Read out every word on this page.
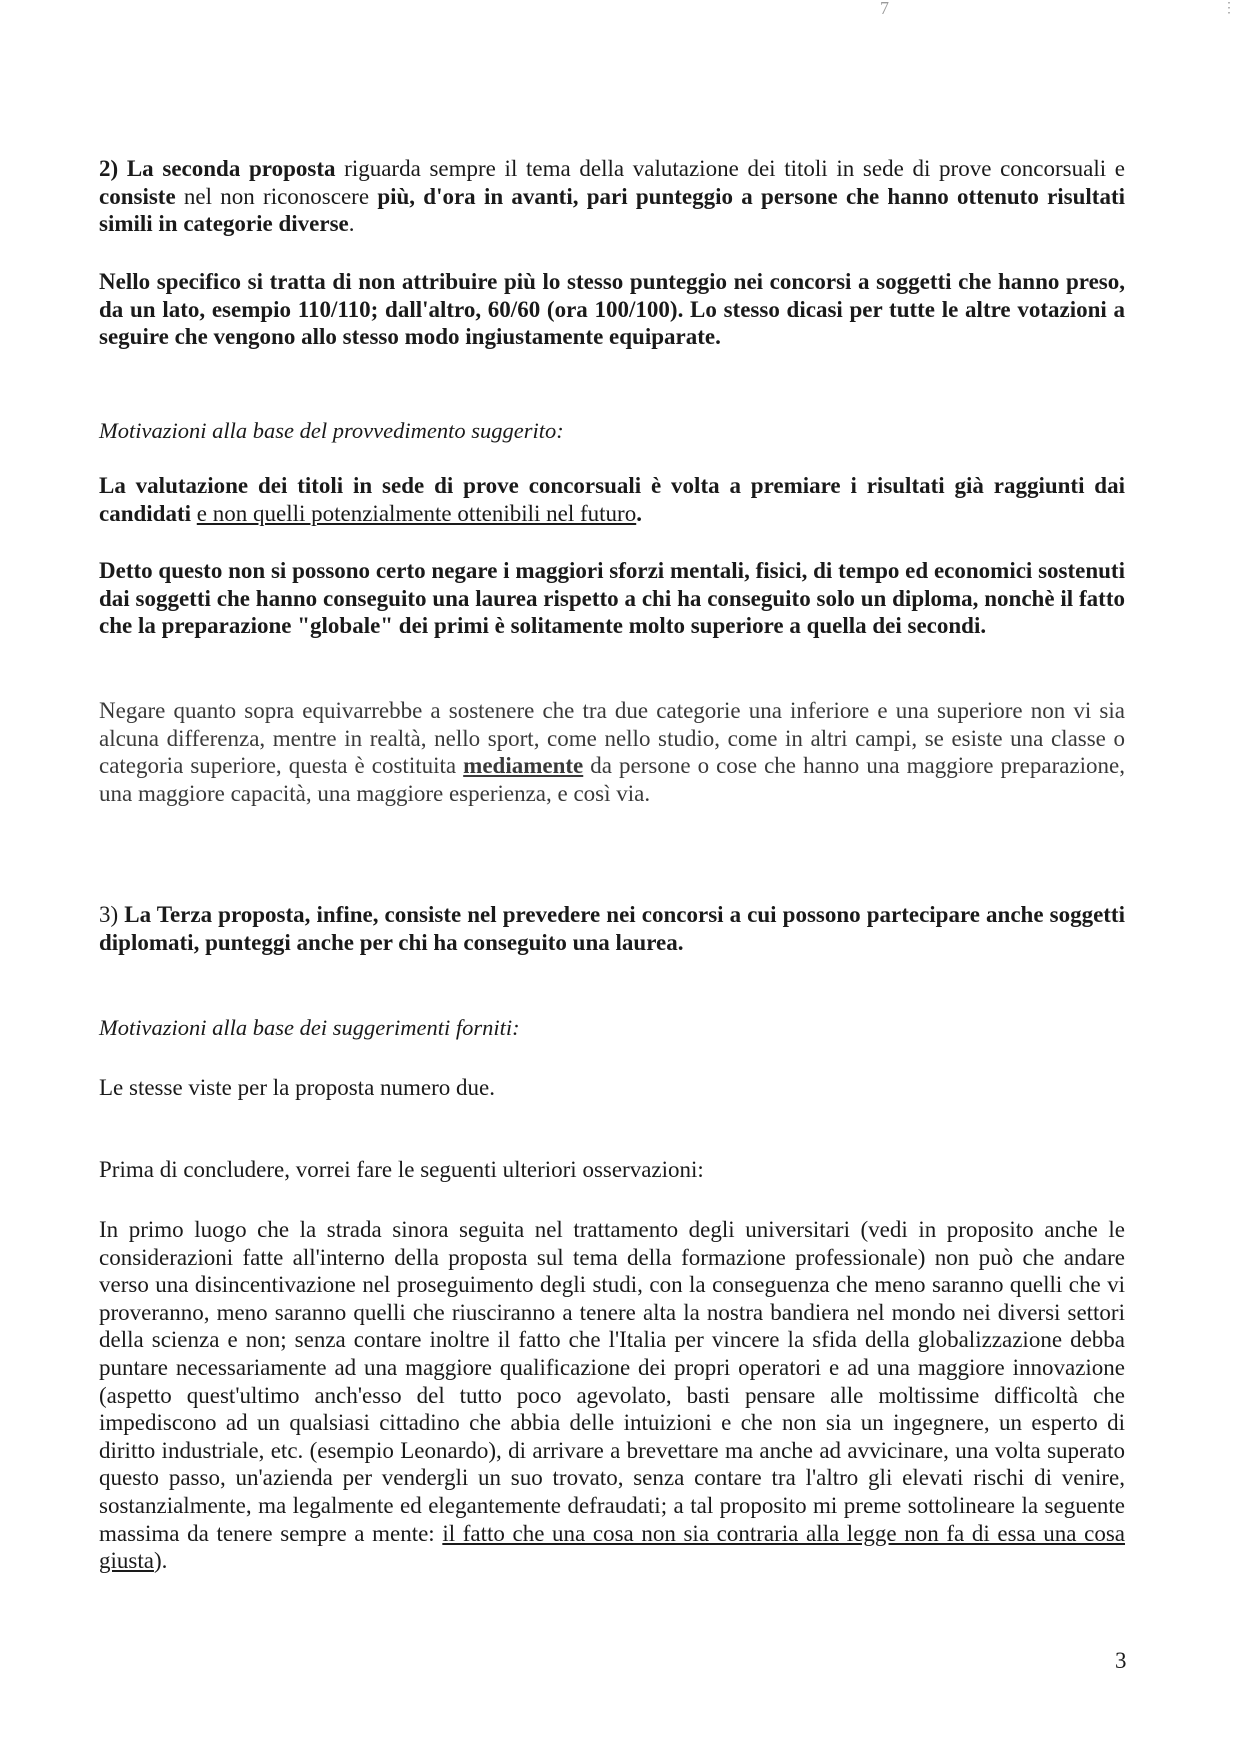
7	⋮

2) La seconda proposta riguarda sempre il tema della valutazione dei titoli in sede di prove concorsuali e consiste nel non riconoscere più, d'ora in avanti, pari punteggio a persone che hanno ottenuto risultati simili in categorie diverse.

Nello specifico si tratta di non attribuire più lo stesso punteggio nei concorsi a soggetti che hanno preso, da un lato, esempio 110/110; dall'altro, 60/60 (ora 100/100). Lo stesso dicasi per tutte le altre votazioni a seguire che vengono allo stesso modo ingiustamente equiparate.

Motivazioni alla base del provvedimento suggerito:

La valutazione dei titoli in sede di prove concorsuali è volta a premiare i risultati già raggiunti dai candidati e non quelli potenzialmente ottenibili nel futuro.

Detto questo non si possono certo negare i maggiori sforzi mentali, fisici, di tempo ed economici sostenuti dai soggetti che hanno conseguito una laurea rispetto a chi ha conseguito solo un diploma, nonchè il fatto che la preparazione "globale" dei primi è solitamente molto superiore a quella dei secondi.

Negare quanto sopra equivarrebbe a sostenere che tra due categorie una inferiore e una superiore non vi sia alcuna differenza, mentre in realtà, nello sport, come nello studio, come in altri campi, se esiste una classe o categoria superiore, questa è costituita mediamente da persone o cose che hanno una maggiore preparazione, una maggiore capacità, una maggiore esperienza, e così via.

3) La Terza proposta, infine, consiste nel prevedere nei concorsi a cui possono partecipare anche soggetti diplomati, punteggi anche per chi ha conseguito una laurea.

Motivazioni alla base dei suggerimenti forniti:

Le stesse viste per la proposta numero due.

Prima di concludere, vorrei fare le seguenti ulteriori osservazioni:

In primo luogo che la strada sinora seguita nel trattamento degli universitari (vedi in proposito anche le considerazioni fatte all'interno della proposta sul tema della formazione professionale) non può che andare verso una disincentivazione nel proseguimento degli studi, con la conseguenza che meno saranno quelli che vi proveranno, meno saranno quelli che riusciranno a tenere alta la nostra bandiera nel mondo nei diversi settori della scienza e non; senza contare inoltre il fatto che l'Italia per vincere la sfida della globalizzazione debba puntare necessariamente ad una maggiore qualificazione dei propri operatori e ad una maggiore innovazione (aspetto quest'ultimo anch'esso del tutto poco agevolato, basti pensare alle moltissime difficoltà che impediscono ad un qualsiasi cittadino che abbia delle intuizioni e che non sia un ingegnere, un esperto di diritto industriale, etc. (esempio Leonardo), di arrivare a brevettare ma anche ad avvicinare, una volta superato questo passo, un'azienda per vendergli un suo trovato, senza contare tra l'altro gli elevati rischi di venire, sostanzialmente, ma legalmente ed elegantemente defraudati; a tal proposito mi preme sottolineare la seguente massima da tenere sempre a mente: il fatto che una cosa non sia contraria alla legge non fa di essa una cosa giusta).

3
